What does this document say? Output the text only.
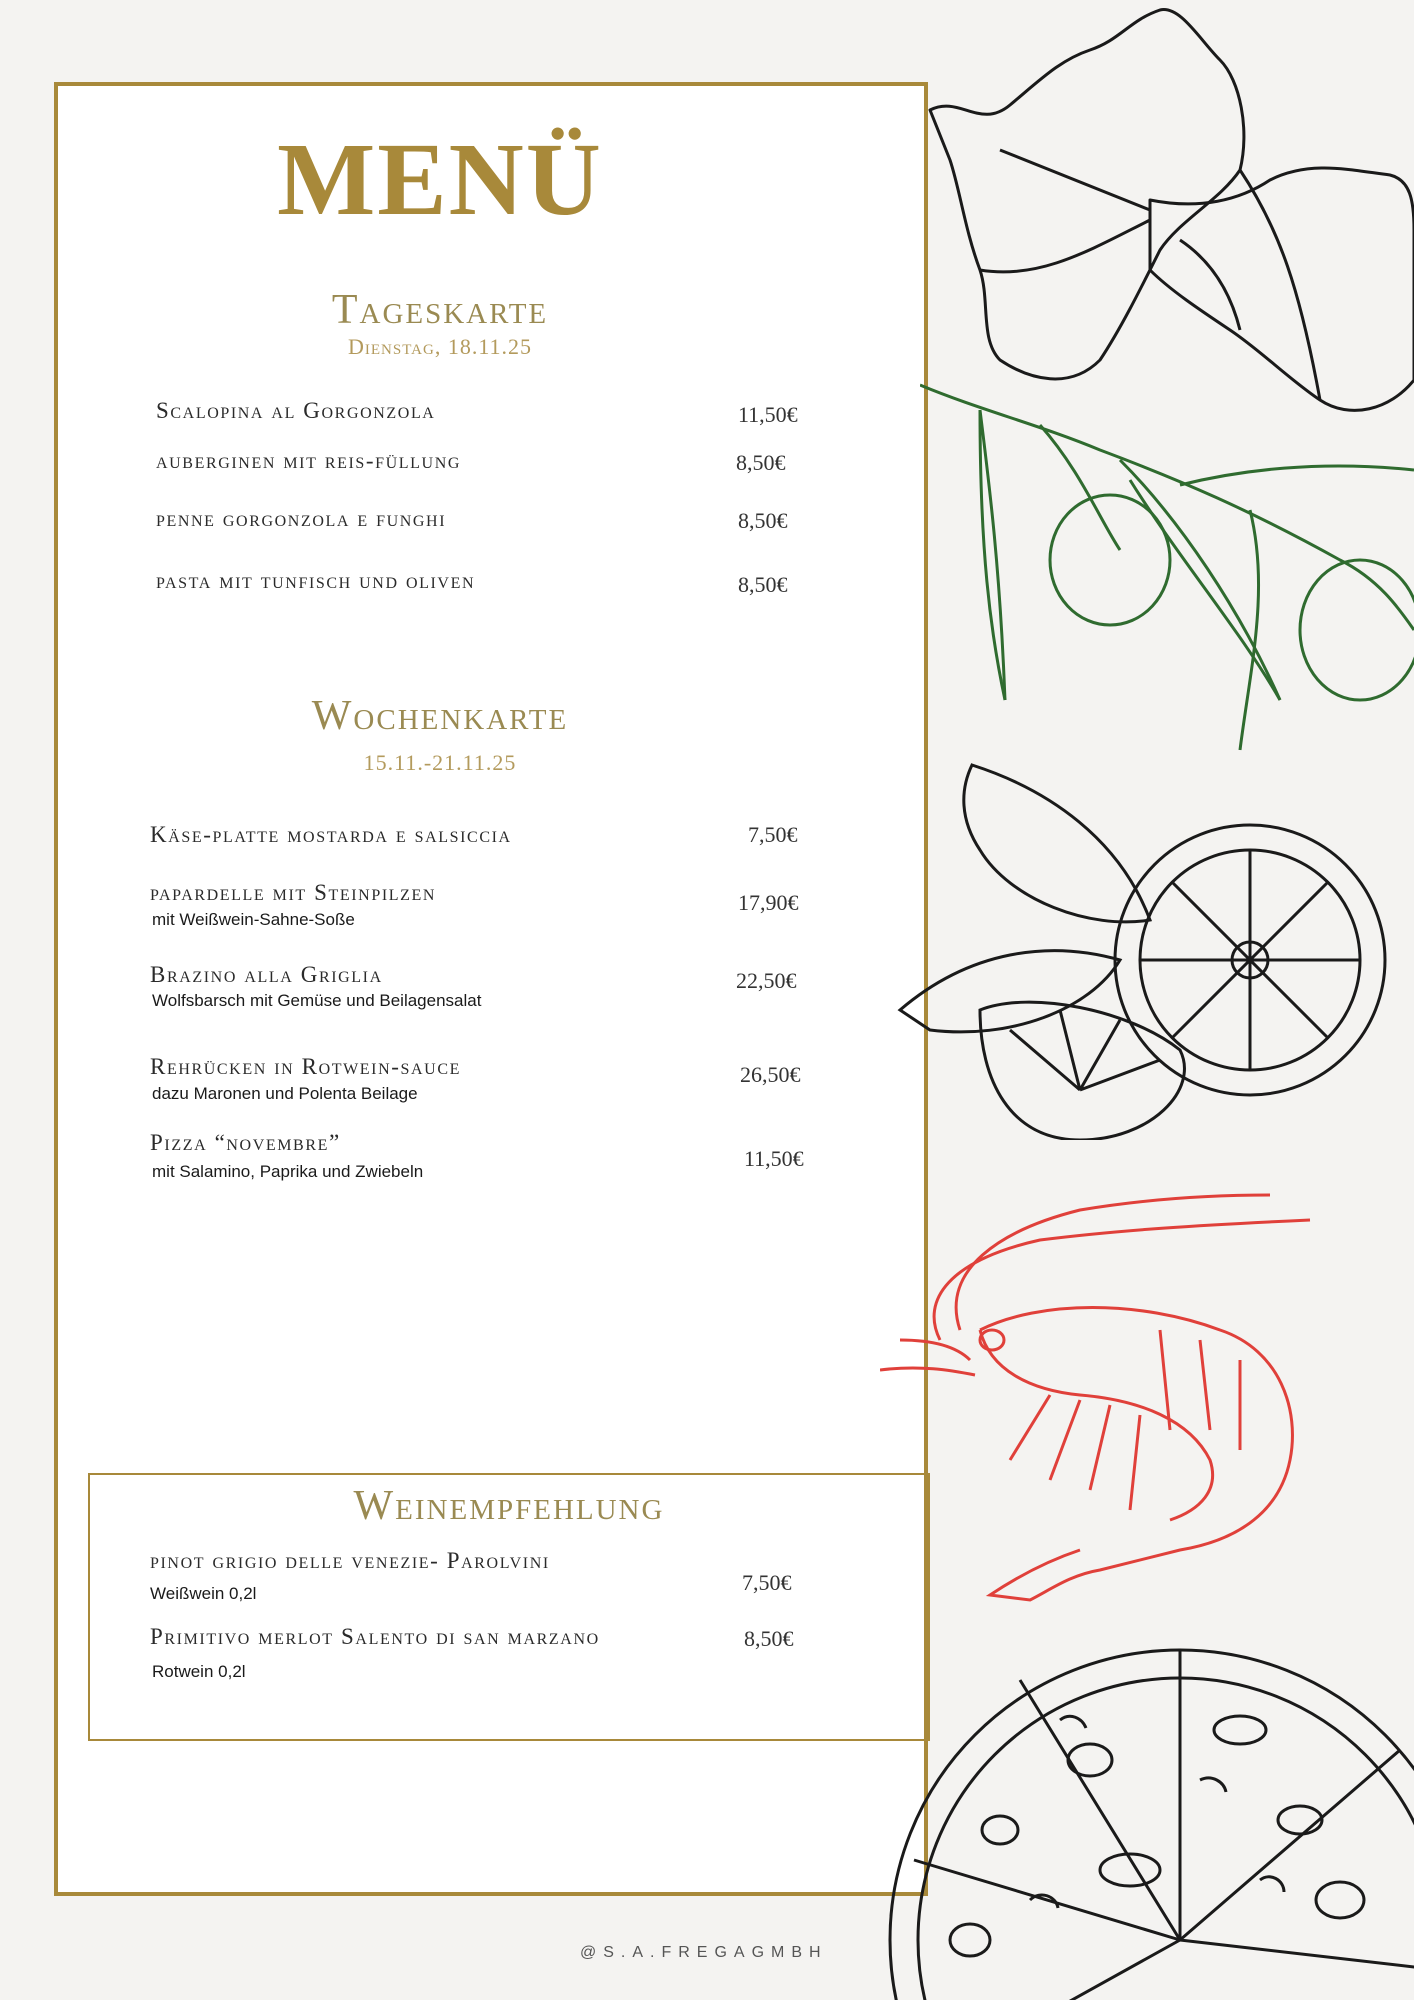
MENÜ
Tageskarte
Dienstag, 18.11.25
Scalopina al Gorgonzola	11,50€
auberginen mit reis-füllung	8,50€
penne gorgonzola e funghi	8,50€
pasta mit tunfisch und oliven	8,50€
Wochenkarte
15.11.-21.11.25
Käse-platte mostarda e salsiccia	7,50€
papardelle mit Steinpilzen
mit Weißwein-Sahne-Soße
17,90€
Brazino alla Griglia
Wolfsbarsch mit Gemüse und Beilagensalat
22,50€
Rehrücken in Rotwein-sauce
dazu Maronen und Polenta Beilage
26,50€
Pizza “novembre”
mit Salamino, Paprika und Zwiebeln
11,50€
Weinempfehlung
pinot grigio delle venezie- Parolvini
Weißwein 0,2l	7,50€
Primitivo merlot Salento di san marzano
Rotwein 0,2l
8,50€
@S.A.FREGAGMBH
